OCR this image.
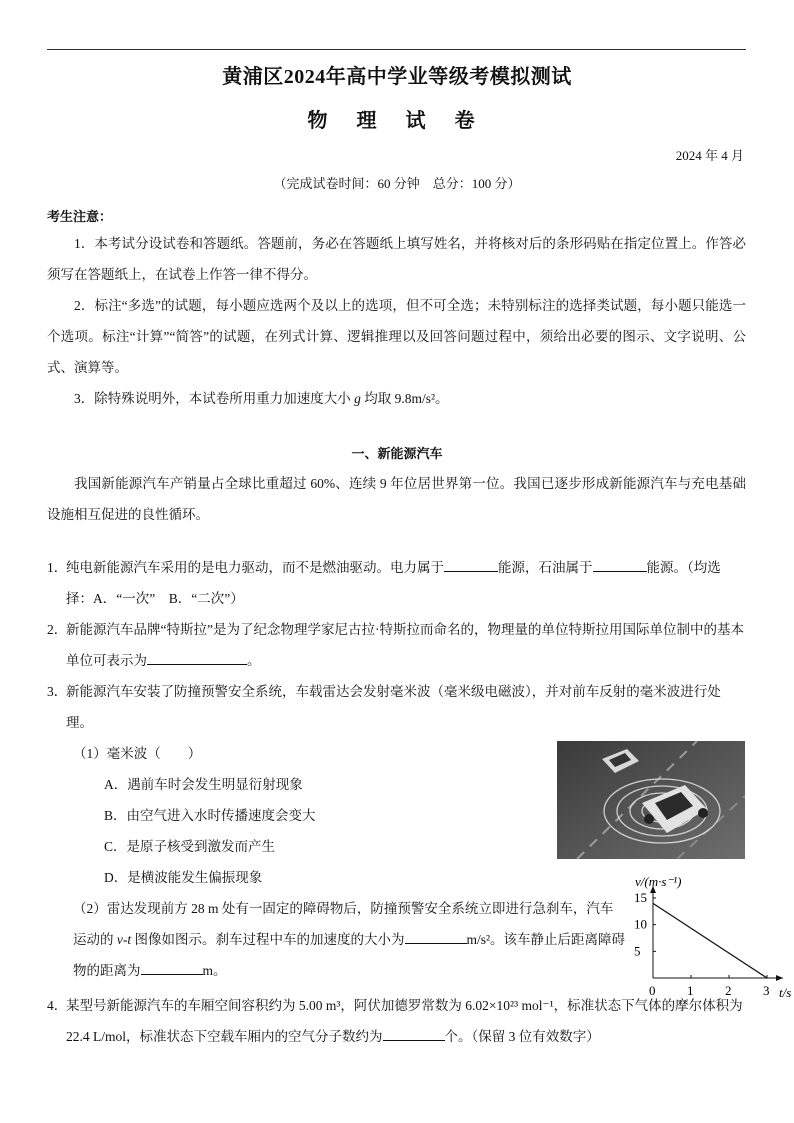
黄浦区2024年高中学业等级考模拟测试
物 理 试 卷
2024 年 4 月
（完成试卷时间：60 分钟　总分：100 分）
考生注意：

1．本考试分设试卷和答题纸。答题前，务必在答题纸上填写姓名，并将核对后的条形码贴在指定位置上。作答必须写在答题纸上，在试卷上作答一律不得分。

2．标注“多选”的试题，每小题应选两个及以上的选项，但不可全选；未特别标注的选择类试题，每小题只能选一个选项。标注“计算”“简答”的试题，在列式计算、逻辑推理以及回答问题过程中，须给出必要的图示、文字说明、公式、演算等。

3．除特殊说明外，本试卷所用重力加速度大小 g 均取 9.8m/s²。

一、新能源汽车

我国新能源汽车产销量占全球比重超过 60%、连续 9 年位居世界第一位。我国已逐步形成新能源汽车与充电基础设施相互促进的良性循环。

1．

纯电新能源汽车采用的是电力驱动，而不是燃油驱动。电力属于	能源，石油属于	能源。（均选择：A．“一次”　B．“二次”）

2．

新能源汽车品牌“特斯拉”是为了纪念物理学家尼古拉·特斯拉而命名的，物理量的单位特斯拉用国际单位制中的基本单位可表示为	。

3．

新能源汽车安装了防撞预警安全系统，车载雷达会发射毫米波（毫米级电磁波），并对前车反射的毫米波进行处理。

（1）毫米波（　　）
A．遇前车时会发生明显衍射现象
B．由空气进入水时传播速度会变大
C．是原子核受到激发而产生
D．是横波能发生偏振现象

（2）雷达发现前方 28 m 处有一固定的障碍物后，防撞预警安全系统立即进行急刹车，汽车运动的 v-t 图像如图示。刹车过程中车的加速度的大小为	m/s²。该车静止后距离障碍物的距离为	m。

0 1 2 3
5
10
15
v/(m·s⁻¹)
t/s
4．

某型号新能源汽车的车厢空间容积约为 5.00 m³，阿伏加德罗常数为 6.02×10²³ mol⁻¹，标准状态下气体的摩尔体积为 22.4 L/mol，标准状态下空载车厢内的空气分子数约为	个。（保留 3 位有效数字）
